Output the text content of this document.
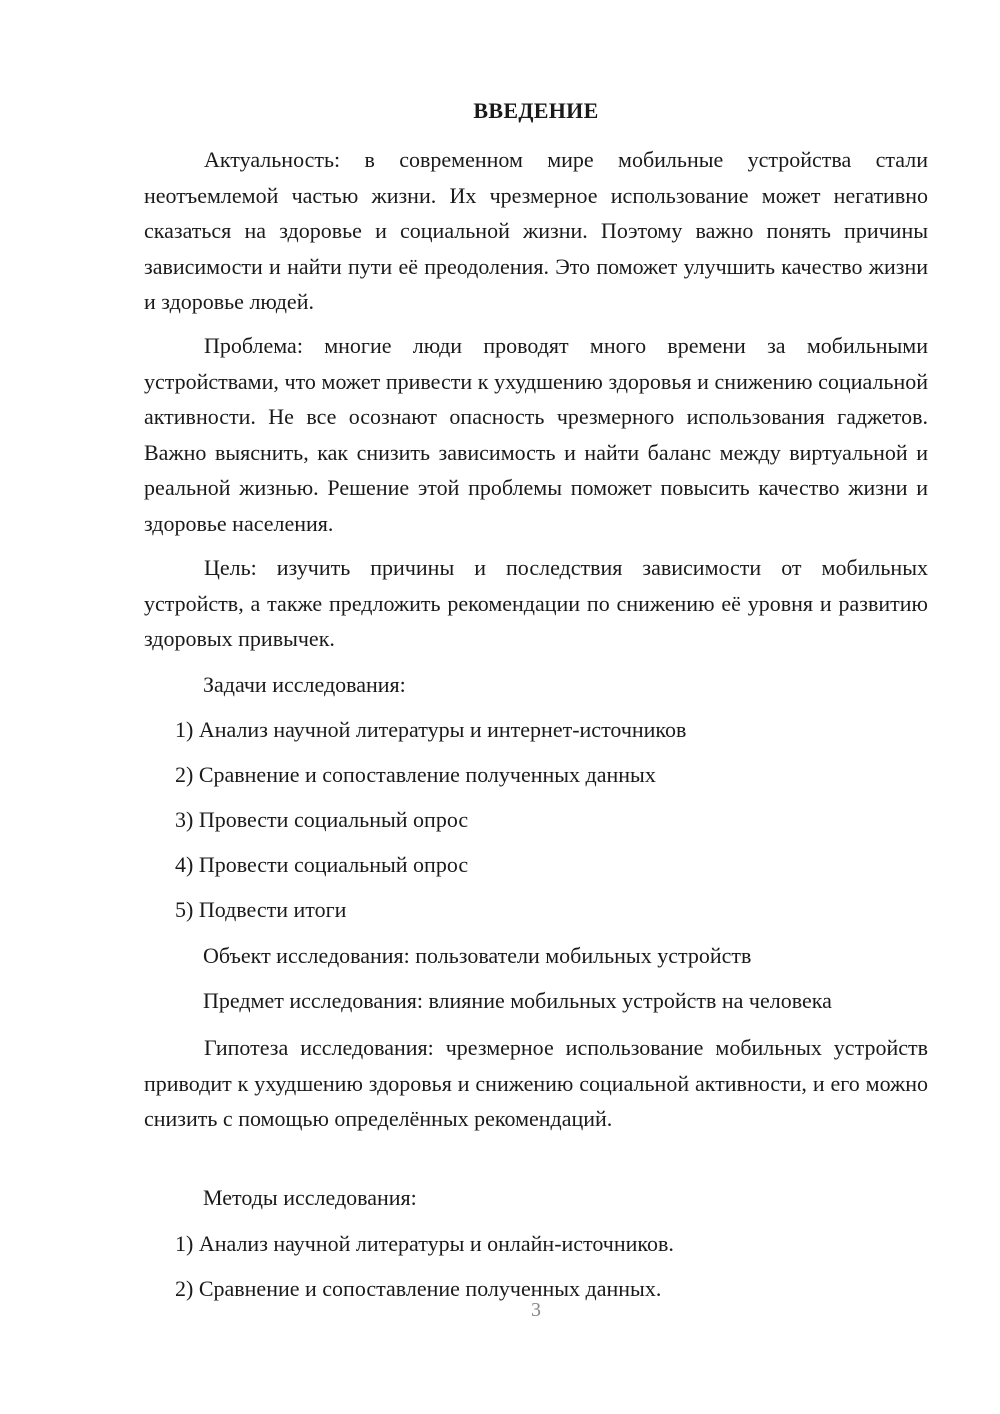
ВВЕДЕНИЕ

Актуальность: в современном мире мобильные устройства стали неотъемлемой частью жизни. Их чрезмерное использование может негативно сказаться на здоровье и социальной жизни. Поэтому важно понять причины зависимости и найти пути её преодоления. Это поможет улучшить качество жизни и здоровье людей.

Проблема: многие люди проводят много времени за мобильными устройствами, что может привести к ухудшению здоровья и снижению социальной активности. Не все осознают опасность чрезмерного использования гаджетов. Важно выяснить, как снизить зависимость и найти баланс между виртуальной и реальной жизнью. Решение этой проблемы поможет повысить качество жизни и здоровье населения.

Цель: изучить причины и последствия зависимости от мобильных устройств, а также предложить рекомендации по снижению её уровня и развитию здоровых привычек.

Задачи исследования:
1) Анализ научной литературы и интернет-источников
2) Сравнение и сопоставление полученных данных
3) Провести социальный опрос
4) Провести социальный опрос
5) Подвести итоги
Объект исследования: пользователи мобильных устройств
Предмет исследования: влияние мобильных устройств на человека

Гипотеза исследования: чрезмерное использование мобильных устройств приводит к ухудшению здоровья и снижению социальной активности, и его можно снизить с помощью определённых рекомендаций.

Методы исследования:
1) Анализ научной литературы и онлайн-источников.
2) Сравнение и сопоставление полученных данных.
3
